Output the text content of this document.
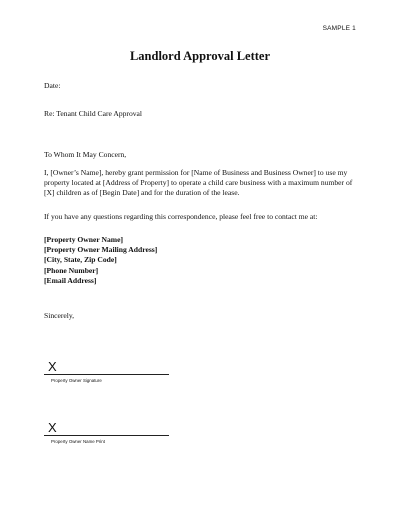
SAMPLE 1
Landlord Approval Letter
Date:
Re: Tenant Child Care Approval
To Whom It May Concern,
I, [Owner’s Name], hereby grant permission for [Name of Business and Business Owner] to use my
property located at [Address of Property] to operate a child care business with a maximum number of
[X] children as of [Begin Date] and for the duration of the lease.
If you have any questions regarding this correspondence, please feel free to contact me at:
[Property Owner Name]
[Property Owner Mailing Address]
[City, State, Zip Code]
[Phone Number]
[Email Address]
Sincerely,
X
Property Owner Signature
X
Property Owner Name Print
